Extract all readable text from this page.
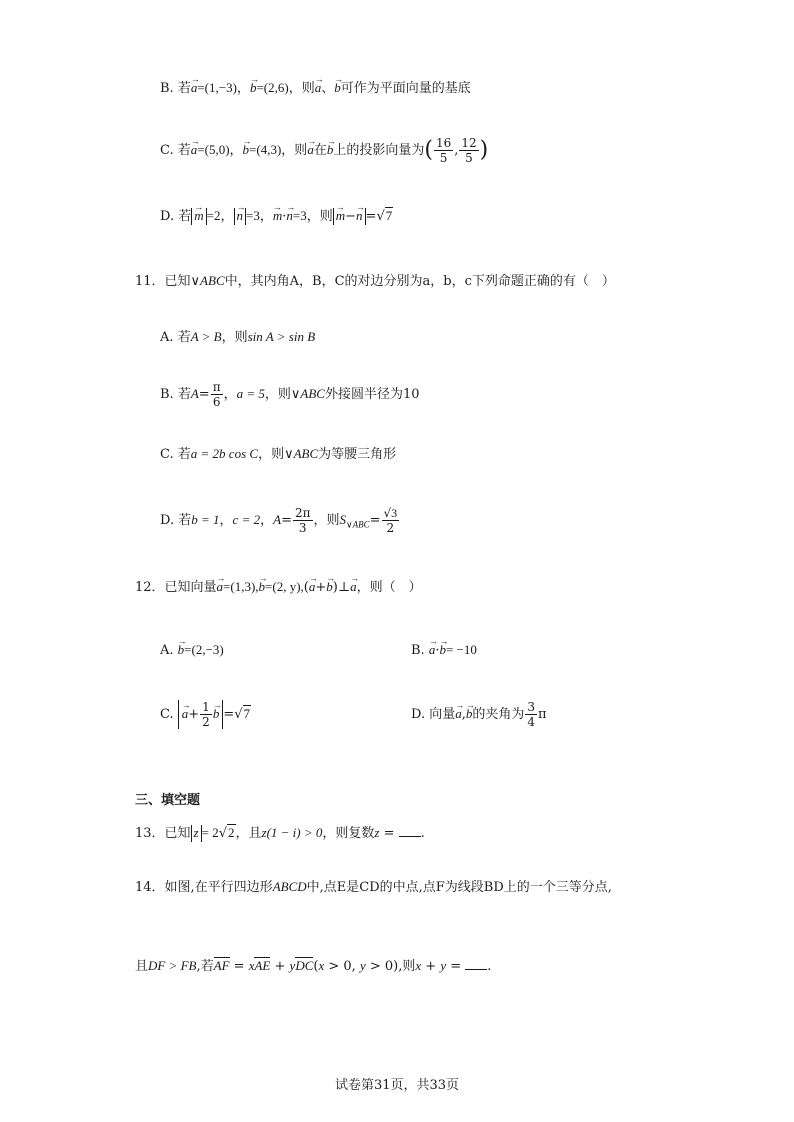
B. 若→ a=(1,−3)，→ b=(2,6)，则→ a、→ b可作为平面向量的基底
C. 若→ a=(5,0)，→ b=(4,3)，则→ a在→ b上的投影向量为( $\frac{16}{5}$ , $\frac{12}{5}$ )
D. 若→ m =2，→ n =3，→ m·→ n=3，则→ m−→ n =√7
11．已知∨ABC中，其内角A，B，C的对边分别为a，b，c下列命题正确的有（　）
A. 若A > B，则sin A > sin B
B. 若$A= \frac{\pi}{6}$ ，a = 5，则∨ABC外接圆半径为10
C. 若a = 2b cos C，则∨ABC为等腰三角形
D. 若b = 1，c = 2，$A= \frac{2\pi}{3}$ ，则$S_{\vee ABC}= \frac{√3}{2}$
12．已知向量→ a=(1,3),→ b=(2, y),(→ a+→ b)⊥→ a，则（　）
A. → b=(2,−3)	B. → a·→ b= −10
C. → $a+ \frac{1}{2}$
→ b =√7	D. 向量→ a,→ b的夹角为 $\frac{3}{4}$ π
三、填空题
13．已知 z = 2√2，且z(1 − i) > 0，则复数z = .
14．如图,在平行四边形ABCD中,点E是CD的中点,点F为线段BD上的一个三等分点,
且DF > FB,若AF = xAE + yDC(x > 0, y > 0),则x + y = .
试卷第31页，共33页
